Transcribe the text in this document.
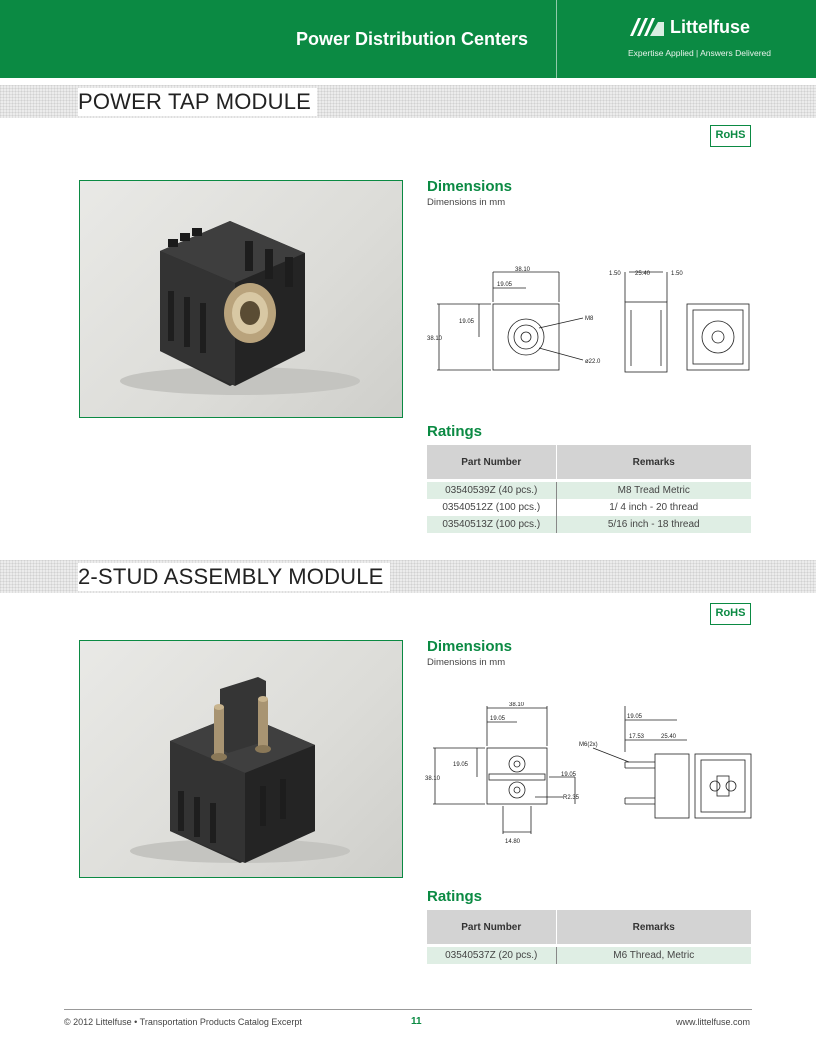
Power Distribution Centers
Littelfuse
Expertise Applied | Answers Delivered
POWER TAP MODULE
RoHS
Dimensions
Dimensions in mm
38.10
19.05
38.10
19.05	M8
ø22.0
1.50 25.40	1.50
Ratings
Part Number	Remarks

03540539Z (40 pcs.)	M8 Tread Metric
03540512Z (100 pcs.)	1/ 4 inch - 20 thread
03540513Z (100 pcs.)	5/16 inch - 18 thread
2-STUD ASSEMBLY MODULE
RoHS
Dimensions
Dimensions in mm
38.10
19.05
38.10
19.05
19.05
R2.35
14.80
19.05
17.53	25.40
M6(2x)
Ratings
Part Number	Remarks

03540537Z (20 pcs.)	M6 Thread, Metric
© 2012 Littelfuse • Transportation Products Catalog Excerpt	11	www.littelfuse.com
